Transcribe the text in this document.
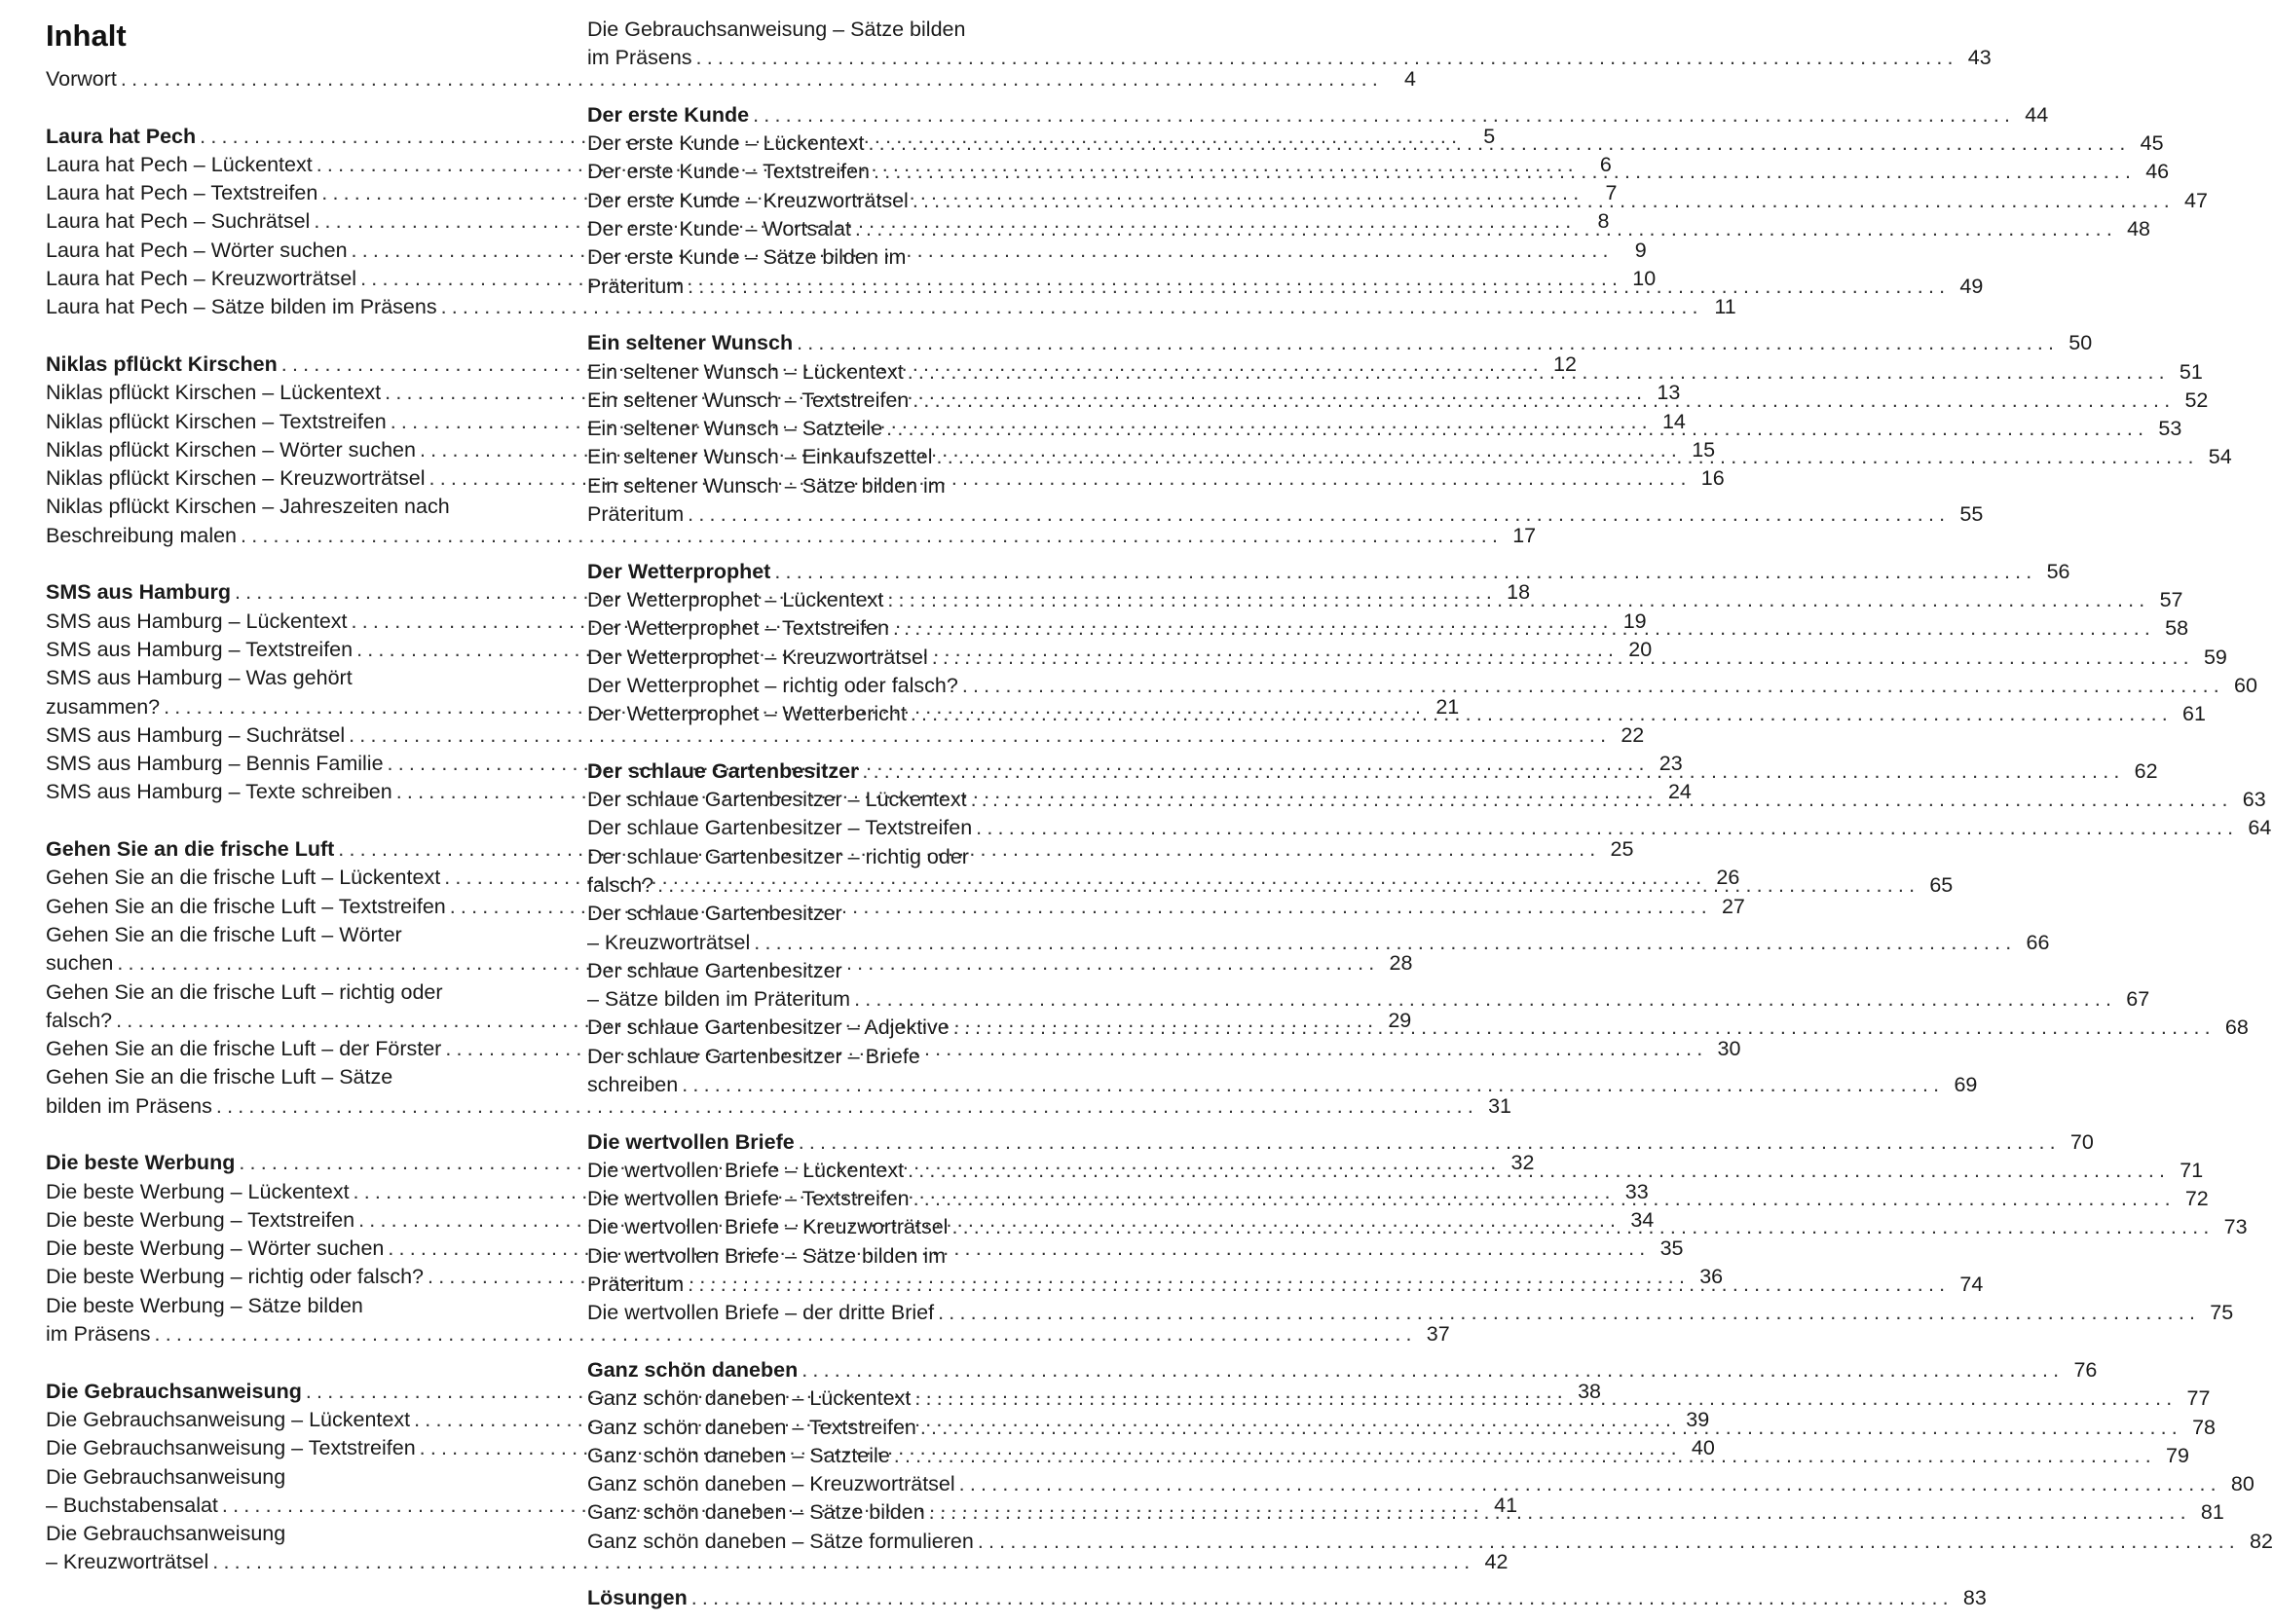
Inhalt
Vorwort .....	4
Laura hat Pech .....	5
Laura hat Pech – Lückentext .....	6
Laura hat Pech – Textstreifen .....	7
Laura hat Pech – Suchrätsel .....	8
Laura hat Pech – Wörter suchen .....	9
Laura hat Pech – Kreuzworträtsel .....	10
Laura hat Pech – Sätze bilden im Präsens .....	11
Niklas pflückt Kirschen .....	12
Niklas pflückt Kirschen – Lückentext .....	13
Niklas pflückt Kirschen – Textstreifen .....	14
Niklas pflückt Kirschen – Wörter suchen .....	15
Niklas pflückt Kirschen – Kreuzworträtsel .....	16
Niklas pflückt Kirschen – Jahreszeiten nach
Beschreibung malen .....	17
SMS aus Hamburg .....	18
SMS aus Hamburg – Lückentext .....	19
SMS aus Hamburg – Textstreifen .....	20
SMS aus Hamburg – Was gehört
zusammen? .....	21
SMS aus Hamburg – Suchrätsel .....	22
SMS aus Hamburg – Bennis Familie .....	23
SMS aus Hamburg – Texte schreiben .....	24
Gehen Sie an die frische Luft .....	25
Gehen Sie an die frische Luft – Lückentext .....	26
Gehen Sie an die frische Luft – Textstreifen .....	27
Gehen Sie an die frische Luft – Wörter
suchen .....	28
Gehen Sie an die frische Luft – richtig oder
falsch? .....	29
Gehen Sie an die frische Luft – der Förster .....	30
Gehen Sie an die frische Luft – Sätze
bilden im Präsens .....	31
Die beste Werbung .....	32
Die beste Werbung – Lückentext .....	33
Die beste Werbung – Textstreifen .....	34
Die beste Werbung – Wörter suchen .....	35
Die beste Werbung – richtig oder falsch? .....	36
Die beste Werbung – Sätze bilden
im Präsens .....	37
Die Gebrauchsanweisung .....	38
Die Gebrauchsanweisung – Lückentext .....	39
Die Gebrauchsanweisung – Textstreifen .....	40
Die Gebrauchsanweisung
– Buchstabensalat .....	41
Die Gebrauchsanweisung
– Kreuzworträtsel .....	42
Die Gebrauchsanweisung – Sätze bilden
im Präsens .....	43
Der erste Kunde .....	44
Der erste Kunde – Lückentext .....	45
Der erste Kunde – Textstreifen .....	46
Der erste Kunde – Kreuzworträtsel .....	47
Der erste Kunde – Wortsalat .....	48
Der erste Kunde – Sätze bilden im
Präteritum .....	49
Ein seltener Wunsch .....	50
Ein seltener Wunsch – Lückentext .....	51
Ein seltener Wunsch – Textstreifen .....	52
Ein seltener Wunsch – Satzteile .....	53
Ein seltener Wunsch – Einkaufszettel .....	54
Ein seltener Wunsch – Sätze bilden im
Präteritum .....	55
Der Wetterprophet .....	56
Der Wetterprophet – Lückentext .....	57
Der Wetterprophet – Textstreifen .....	58
Der Wetterprophet – Kreuzworträtsel .....	59
Der Wetterprophet – richtig oder falsch? .....	60
Der Wetterprophet – Wetterbericht .....	61
Der schlaue Gartenbesitzer .....	62
Der schlaue Gartenbesitzer – Lückentext .....	63
Der schlaue Gartenbesitzer – Textstreifen .....	64
Der schlaue Gartenbesitzer – richtig oder
falsch? .....	65
Der schlaue Gartenbesitzer
– Kreuzworträtsel .....	66
Der schlaue Gartenbesitzer
– Sätze bilden im Präteritum .....	67
Der schlaue Gartenbesitzer – Adjektive .....	68
Der schlaue Gartenbesitzer – Briefe
schreiben .....	69
Die wertvollen Briefe .....	70
Die wertvollen Briefe – Lückentext .....	71
Die wertvollen Briefe – Textstreifen .....	72
Die wertvollen Briefe – Kreuzworträtsel .....	73
Die wertvollen Briefe – Sätze bilden im
Präteritum .....	74
Die wertvollen Briefe – der dritte Brief .....	75
Ganz schön daneben .....	76
Ganz schön daneben – Lückentext .....	77
Ganz schön daneben – Textstreifen .....	78
Ganz schön daneben – Satzteile .....	79
Ganz schön daneben – Kreuzworträtsel .....	80
Ganz schön daneben – Sätze bilden .....	81
Ganz schön daneben – Sätze formulieren .....	82
Lösungen .....	83
